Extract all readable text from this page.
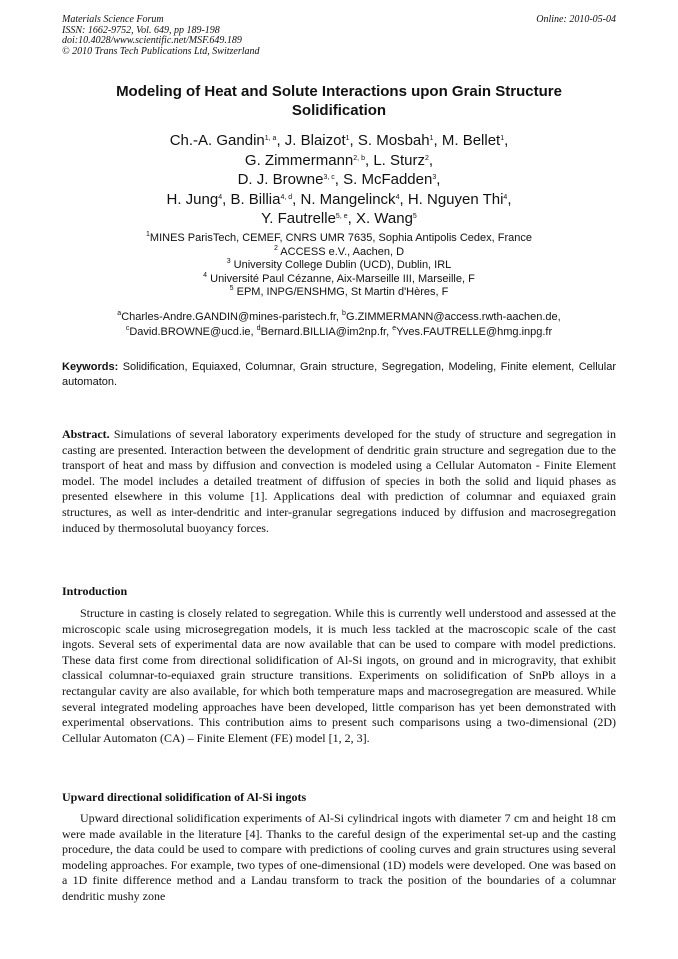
Materials Science Forum
ISSN: 1662-9752, Vol. 649, pp 189-198
doi:10.4028/www.scientific.net/MSF.649.189
© 2010 Trans Tech Publications Ltd, Switzerland
Online: 2010-05-04
Modeling of Heat and Solute Interactions upon Grain Structure
Solidification
Ch.-A. Gandin$^{1, a}$, J. Blaizot$^1$, S. Mosbah$^1$, M. Bellet$^1$,
G. Zimmermann$^{2, b}$, L. Sturz$^2$,
D. J. Browne$^{3, c}$, S. McFadden$^3$,
H. Jung$^4$, B. Billia$^{4, d}$, N. Mangelinck$^4$, H. Nguyen Thi$^4$,
Y. Fautrelle$^{5, e}$, X. Wang$^5$
$^1$MINES ParisTech, CEMEF, CNRS UMR 7635, Sophia Antipolis Cedex, France
$^2$ ACCESS e.V., Aachen, D
$^3$ University College Dublin (UCD), Dublin, IRL
$^4$ Université Paul Cézanne, Aix-Marseille III, Marseille, F
$^5$ EPM, INPG/ENSHMG, St Martin d'Hères, F
$^a$Charles-Andre.GANDIN@mines-paristech.fr, $^b$G.ZIMMERMANN@access.rwth-aachen.de,
$^c$David.BROWNE@ucd.ie, $^d$Bernard.BILLIA@im2np.fr, $^e$Yves.FAUTRELLE@hmg.inpg.fr
Keywords: Solidification, Equiaxed, Columnar, Grain structure, Segregation, Modeling, Finite element, Cellular automaton.
Abstract. Simulations of several laboratory experiments developed for the study of structure and segregation in casting are presented. Interaction between the development of dendritic grain structure and segregation due to the transport of heat and mass by diffusion and convection is modeled using a Cellular Automaton - Finite Element model. The model includes a detailed treatment of diffusion of species in both the solid and liquid phases as presented elsewhere in this volume [1]. Applications deal with prediction of columnar and equiaxed grain structures, as well as inter-dendritic and inter-granular segregations induced by diffusion and macrosegregation induced by thermosolutal buoyancy forces.
Introduction
Structure in casting is closely related to segregation. While this is currently well understood and assessed at the microscopic scale using microsegregation models, it is much less tackled at the macroscopic scale of the cast ingots. Several sets of experimental data are now available that can be used to compare with model predictions. These data first come from directional solidification of Al-Si ingots, on ground and in microgravity, that exhibit classical columnar-to-equiaxed grain structure transitions. Experiments on solidification of SnPb alloys in a rectangular cavity are also available, for which both temperature maps and macrosegregation are measured. While several integrated modeling approaches have been developed, little comparison has yet been demonstrated with experimental observations. This contribution aims to present such comparisons using a two-dimensional (2D) Cellular Automaton (CA) – Finite Element (FE) model [1, 2, 3].
Upward directional solidification of Al-Si ingots
Upward directional solidification experiments of Al-Si cylindrical ingots with diameter 7 cm and height 18 cm were made available in the literature [4]. Thanks to the careful design of the experimental set-up and the casting procedure, the data could be used to compare with predictions of cooling curves and grain structures using several modeling approaches. For example, two types of one-dimensional (1D) models were developed. One was based on a 1D finite difference method and a Landau transform to track the position of the boundaries of a columnar dendritic mushy zone
